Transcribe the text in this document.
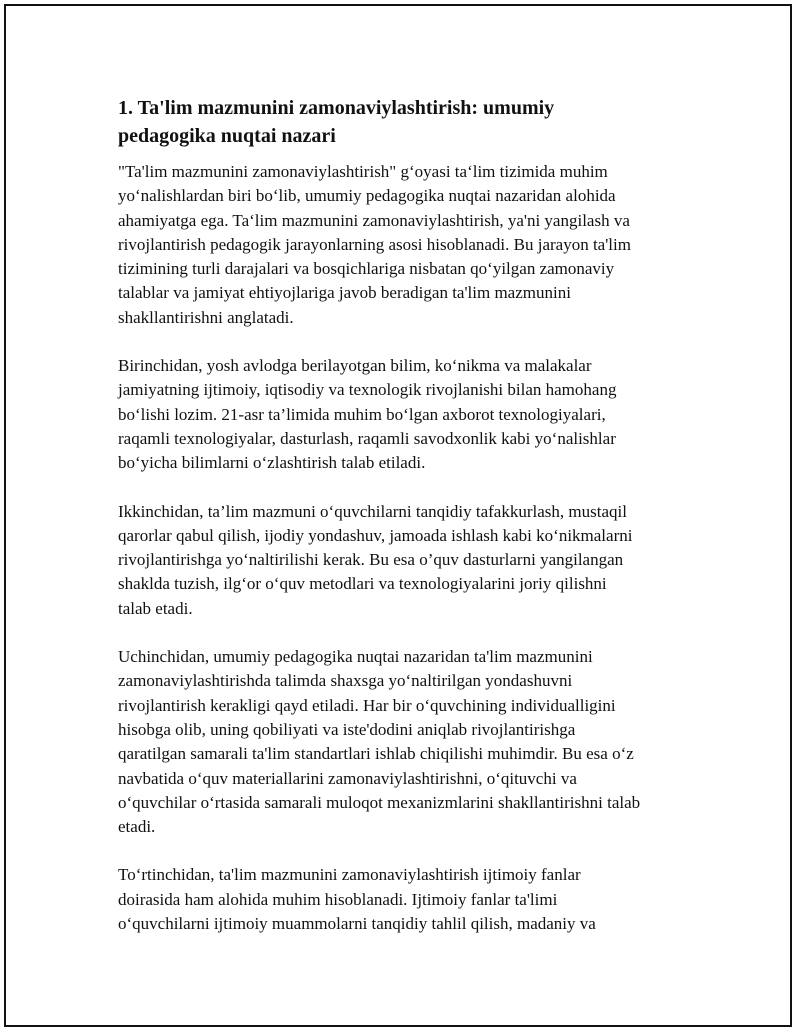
1. Ta'lim mazmunini zamonaviylashtirish: umumiy
pedagogika nuqtai nazari

"Ta'lim mazmunini zamonaviylashtirish" g‘oyasi ta‘lim tizimida muhim
yo‘nalishlardan biri bo‘lib, umumiy pedagogika nuqtai nazaridan alohida
ahamiyatga ega. Ta‘lim mazmunini zamonaviylashtirish, ya'ni yangilash va
rivojlantirish pedagogik jarayonlarning asosi hisoblanadi. Bu jarayon ta'lim
tizimining turli darajalari va bosqichlariga nisbatan qo‘yilgan zamonaviy
talablar va jamiyat ehtiyojlariga javob beradigan ta'lim mazmunini
shakllantirishni anglatadi.

Birinchidan, yosh avlodga berilayotgan bilim, ko‘nikma va malakalar
jamiyatning ijtimoiy, iqtisodiy va texnologik rivojlanishi bilan hamohang
bo‘lishi lozim. 21-asr ta’limida muhim bo‘lgan axborot texnologiyalari,
raqamli texnologiyalar, dasturlash, raqamli savodxonlik kabi yo‘nalishlar
bo‘yicha bilimlarni o‘zlashtirish talab etiladi.

Ikkinchidan, ta’lim mazmuni o‘quvchilarni tanqidiy tafakkurlash, mustaqil
qarorlar qabul qilish, ijodiy yondashuv, jamoada ishlash kabi ko‘nikmalarni
rivojlantirishga yo‘naltirilishi kerak. Bu esa o’quv dasturlarni yangilangan
shaklda tuzish, ilg‘or o‘quv metodlari va texnologiyalarini joriy qilishni
talab etadi.

Uchinchidan, umumiy pedagogika nuqtai nazaridan ta'lim mazmunini
zamonaviylashtirishda talimda shaxsga yo‘naltirilgan yondashuvni
rivojlantirish kerakligi qayd etiladi. Har bir o‘quvchining individualligini
hisobga olib, uning qobiliyati va iste'dodini aniqlab rivojlantirishga
qaratilgan samarali ta'lim standartlari ishlab chiqilishi muhimdir. Bu esa o‘z
navbatida o‘quv materiallarini zamonaviylashtirishni, o‘qituvchi va
o‘quvchilar o‘rtasida samarali muloqot mexanizmlarini shakllantirishni talab
etadi.

To‘rtinchidan, ta'lim mazmunini zamonaviylashtirish ijtimoiy fanlar
doirasida ham alohida muhim hisoblanadi. Ijtimoiy fanlar ta'limi
o‘quvchilarni ijtimoiy muammolarni tanqidiy tahlil qilish, madaniy va
